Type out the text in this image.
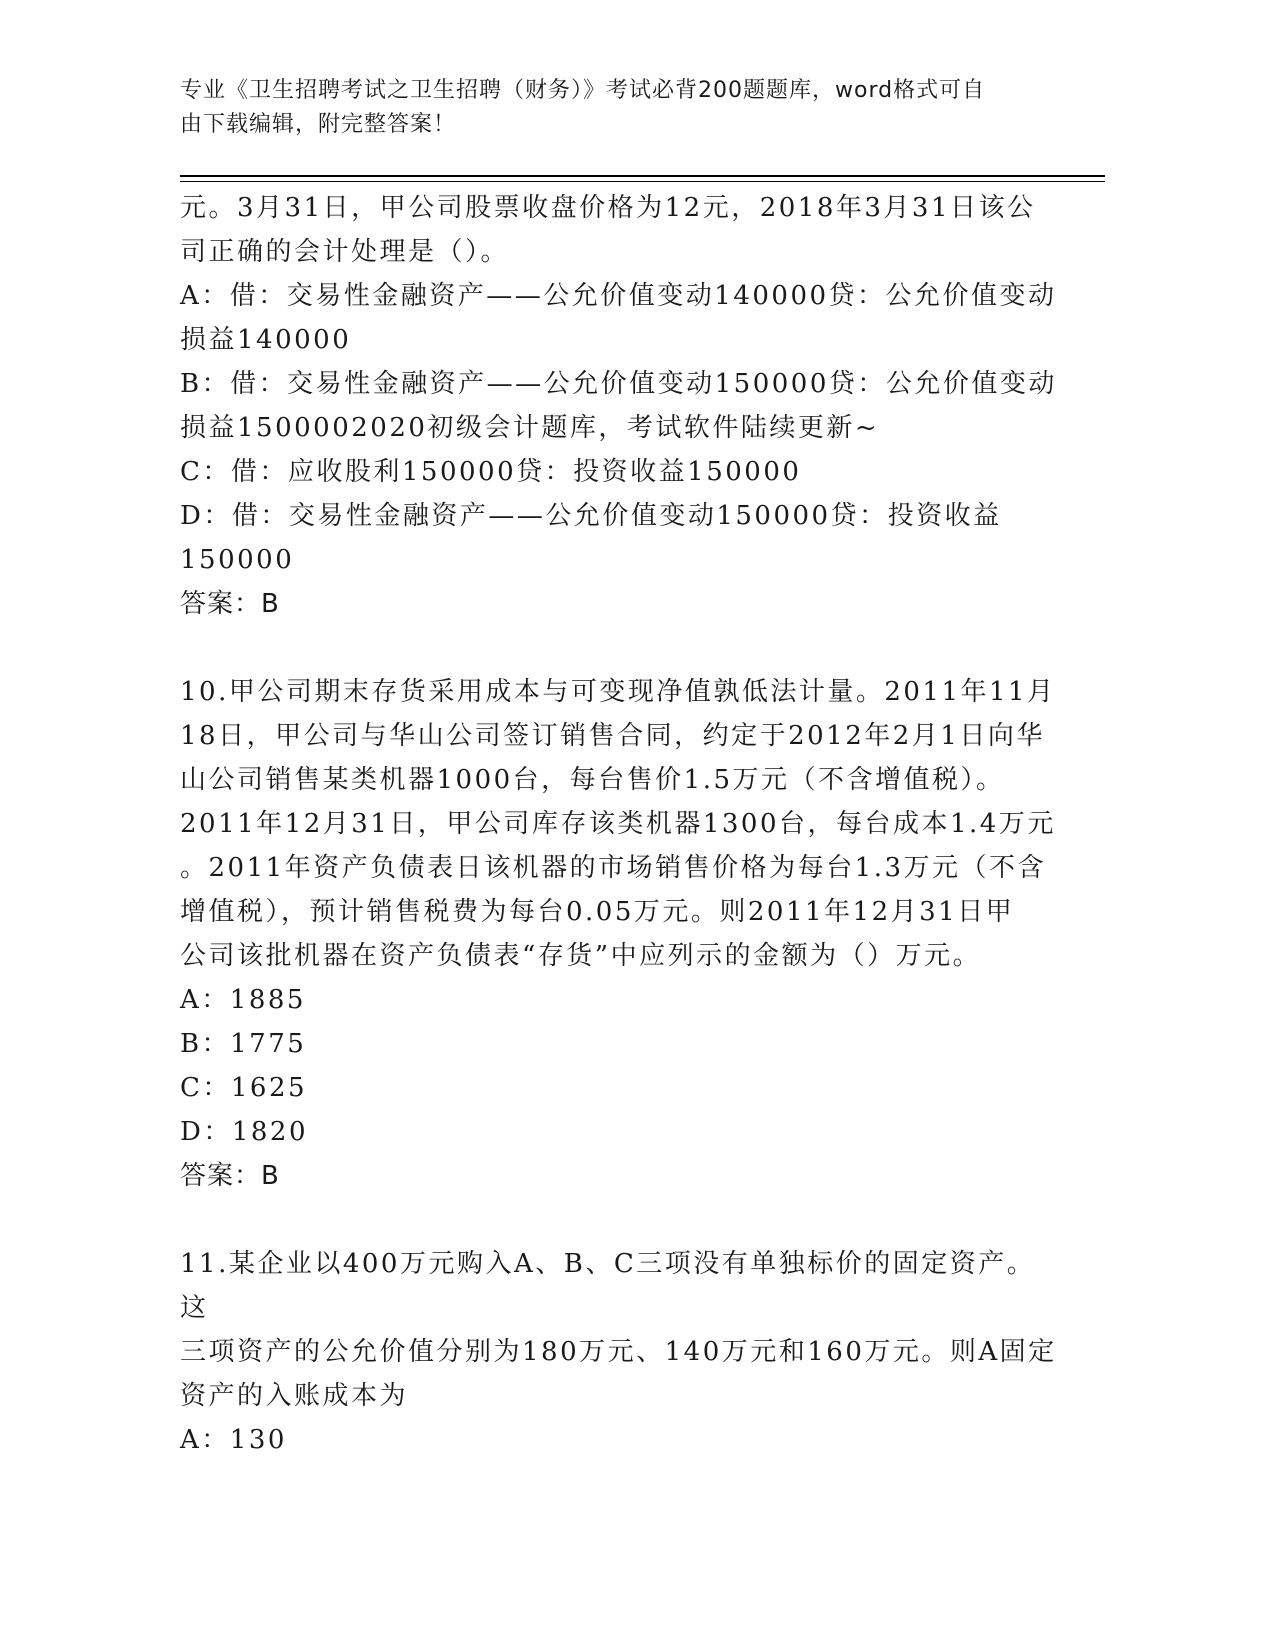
专业《卫生招聘考试之卫生招聘（财务）》考试必背200题题库，word格式可自
由下载编辑，附完整答案！

元。3月31日，甲公司股票收盘价格为12元，2018年3月31日该公

司正确的会计处理是（）。

A：借：交易性金融资产——公允价值变动140000贷：公允价值变动

损益140000

B：借：交易性金融资产——公允价值变动150000贷：公允价值变动

损益1500002020初级会计题库，考试软件陆续更新~

C：借：应收股利150000贷：投资收益150000

D：借：交易性金融资产——公允价值变动150000贷：投资收益

150000

答案：B

10.甲公司期末存货采用成本与可变现净值孰低法计量。2011年11月

18日，甲公司与华山公司签订销售合同，约定于2012年2月1日向华

山公司销售某类机器1000台，每台售价1.5万元（不含增值税）。

2011年12月31日，甲公司库存该类机器1300台，每台成本1.4万元

。2011年资产负债表日该机器的市场销售价格为每台1.3万元（不含

增值税），预计销售税费为每台0.05万元。则2011年12月31日甲

公司该批机器在资产负债表“存货”中应列示的金额为（）万元。

A：1885

B：1775

C：1625

D：1820

答案：B

11.某企业以400万元购入A、B、C三项没有单独标价的固定资产。这

三项资产的公允价值分别为180万元、140万元和160万元。则A固定

资产的入账成本为

A：130
